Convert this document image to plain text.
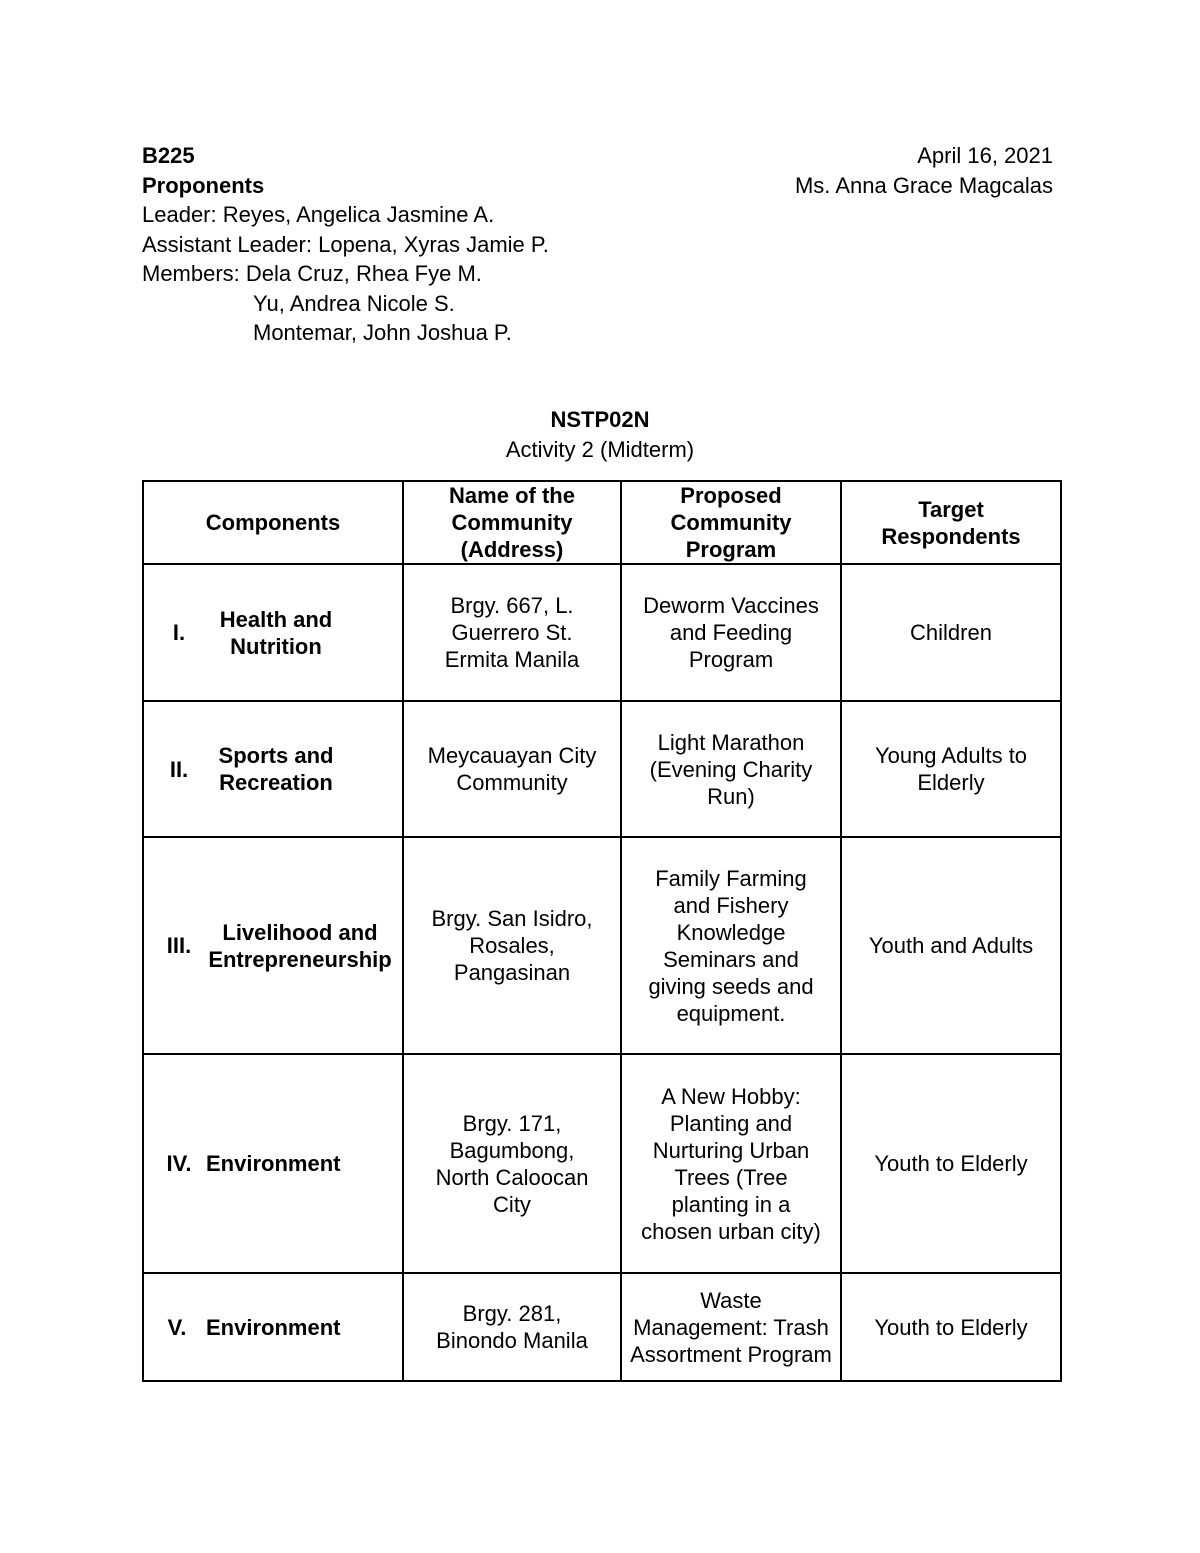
B225
Proponents
Leader: Reyes, Angelica Jasmine A.
Assistant Leader: Lopena, Xyras Jamie P.
Members: Dela Cruz, Rhea Fye M.
Yu, Andrea Nicole S.
Montemar, John Joshua P.
April 16, 2021
Ms. Anna Grace Magcalas
NSTP02N
Activity 2 (Midterm)
Components	Name of the Community (Address)	Proposed Community Program	Target Respondents

I.
Health and Nutrition	Brgy. 667, L. Guerrero St. Ermita Manila	Deworm Vaccines and Feeding Program	Children

II.
Sports and Recreation	Meycauayan City Community	Light Marathon (Evening Charity Run)	Young Adults to Elderly

III.
Livelihood and Entrepreneurship	Brgy. San Isidro, Rosales, Pangasinan	Family Farming and Fishery Knowledge Seminars and giving seeds and equipment.	Youth and Adults

IV. Environment	Brgy. 171, Bagumbong, North Caloocan City	A New Hobby: Planting and Nurturing Urban Trees (Tree planting in a chosen urban city)	Youth to Elderly

V. Environment	Brgy. 281, Binondo Manila	Waste Management: Trash Assortment Program	Youth to Elderly
